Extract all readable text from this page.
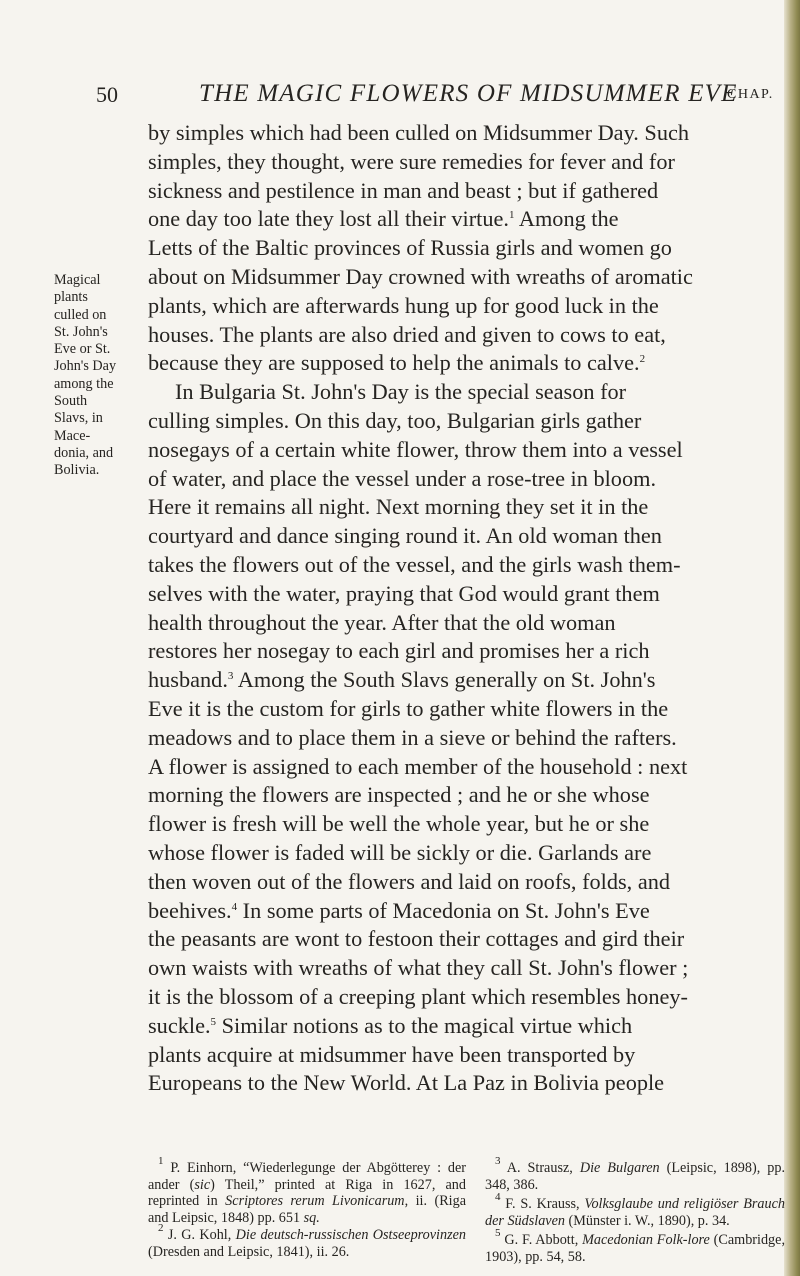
50	THE MAGIC FLOWERS OF MIDSUMMER EVE
CHAP.
Magical
plants
culled on
St. John's
Eve or St.
John's Day
among the
South
Slavs, in
Mace-
donia, and
Bolivia.
by simples which had been culled on Midsummer Day. Such
simples, they thought, were sure remedies for fever and for
sickness and pestilence in man and beast ; but if gathered
one day too late they lost all their virtue.$^1$ Among the
Letts of the Baltic provinces of Russia girls and women go
about on Midsummer Day crowned with wreaths of aromatic
plants, which are afterwards hung up for good luck in the
houses. The plants are also dried and given to cows to eat,
because they are supposed to help the animals to calve.$^2$
In Bulgaria St. John's Day is the special season for
culling simples. On this day, too, Bulgarian girls gather
nosegays of a certain white flower, throw them into a vessel
of water, and place the vessel under a rose-tree in bloom.
Here it remains all night. Next morning they set it in the
courtyard and dance singing round it. An old woman then
takes the flowers out of the vessel, and the girls wash them-
selves with the water, praying that God would grant them
health throughout the year. After that the old woman
restores her nosegay to each girl and promises her a rich
husband.$^3$ Among the South Slavs generally on St. John's
Eve it is the custom for girls to gather white flowers in the
meadows and to place them in a sieve or behind the rafters.
A flower is assigned to each member of the household : next
morning the flowers are inspected ; and he or she whose
flower is fresh will be well the whole year, but he or she
whose flower is faded will be sickly or die. Garlands are
then woven out of the flowers and laid on roofs, folds, and
beehives.$^4$ In some parts of Macedonia on St. John's Eve
the peasants are wont to festoon their cottages and gird their
own waists with wreaths of what they call St. John's flower ;
it is the blossom of a creeping plant which resembles honey-
suckle.$^5$ Similar notions as to the magical virtue which
plants acquire at midsummer have been transported by
Europeans to the New World. At La Paz in Bolivia people

$^1$ P. Einhorn, “Wiederlegunge der Abgötterey : der ander (sic) Theil,” printed at Riga in 1627, and reprinted in Scriptores rerum Livonicarum, ii. (Riga and Leipsic, 1848) pp. 651 sq.

$^2$ J. G. Kohl, Die deutsch-russischen Ostseeprovinzen (Dresden and Leipsic, 1841), ii. 26.

$^3$ A. Strausz, Die Bulgaren (Leipsic, 1898), pp. 348, 386.

$^4$ F. S. Krauss, Volksglaube und religiöser Brauch der Südslaven (Münster i. W., 1890), p. 34.

$^5$ G. F. Abbott, Macedonian Folk-lore (Cambridge, 1903), pp. 54, 58.
